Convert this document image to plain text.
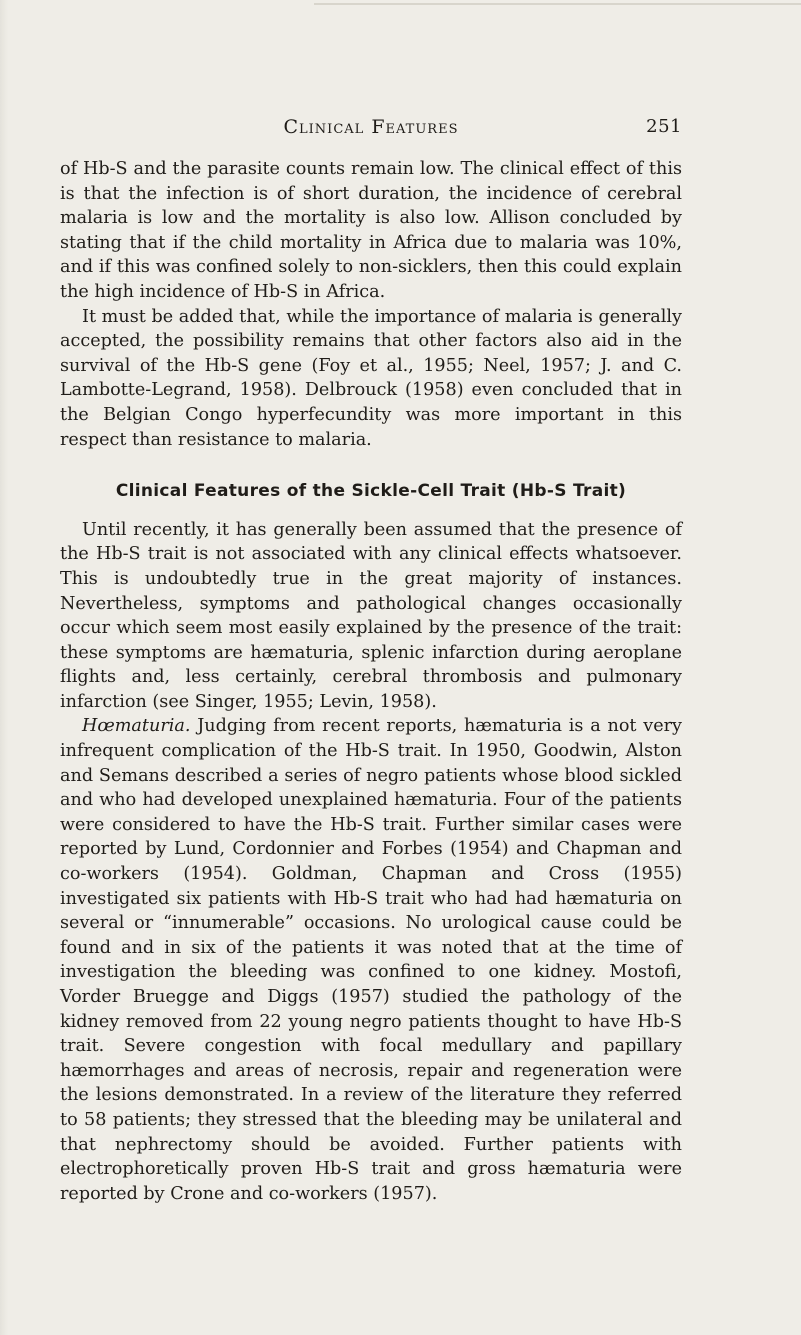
Clinical Features	251

of Hb-S and the parasite counts remain low. The clinical effect of this is that the infection is of short duration, the incidence of cerebral malaria is low and the mortality is also low. Allison concluded by stating that if the child mortality in Africa due to malaria was 10%, and if this was confined solely to non-sicklers, then this could explain the high incidence of Hb-S in Africa.

It must be added that, while the importance of malaria is generally accepted, the possibility remains that other factors also aid in the survival of the Hb-S gene (Foy et al., 1955; Neel, 1957; J. and C. Lambotte-Legrand, 1958). Delbrouck (1958) even concluded that in the Belgian Congo hyperfecundity was more important in this respect than resistance to malaria.

Clinical Features of the Sickle-Cell Trait (Hb-S Trait)

Until recently, it has generally been assumed that the presence of the Hb-S trait is not associated with any clinical effects whatsoever. This is undoubtedly true in the great majority of instances. Nevertheless, symptoms and pathological changes occasionally occur which seem most easily explained by the presence of the trait: these symptoms are hæmaturia, splenic infarction during aeroplane flights and, less certainly, cerebral thrombosis and pulmonary infarction (see Singer, 1955; Levin, 1958).

Hœmaturia. Judging from recent reports, hæmaturia is a not very infrequent complication of the Hb-S trait. In 1950, Goodwin, Alston and Semans described a series of negro patients whose blood sickled and who had developed unexplained hæmaturia. Four of the patients were considered to have the Hb-S trait. Further similar cases were reported by Lund, Cordonnier and Forbes (1954) and Chapman and co-workers (1954). Goldman, Chapman and Cross (1955) investigated six patients with Hb-S trait who had had hæmaturia on several or “innumerable” occasions. No urological cause could be found and in six of the patients it was noted that at the time of investigation the bleeding was confined to one kidney. Mostofi, Vorder Bruegge and Diggs (1957) studied the pathology of the kidney removed from 22 young negro patients thought to have Hb-S trait. Severe congestion with focal medullary and papillary hæmorrhages and areas of necrosis, repair and regeneration were the lesions demonstrated. In a review of the literature they referred to 58 patients; they stressed that the bleeding may be unilateral and that nephrectomy should be avoided. Further patients with electrophoretically proven Hb-S trait and gross hæmaturia were reported by Crone and co-workers (1957).
